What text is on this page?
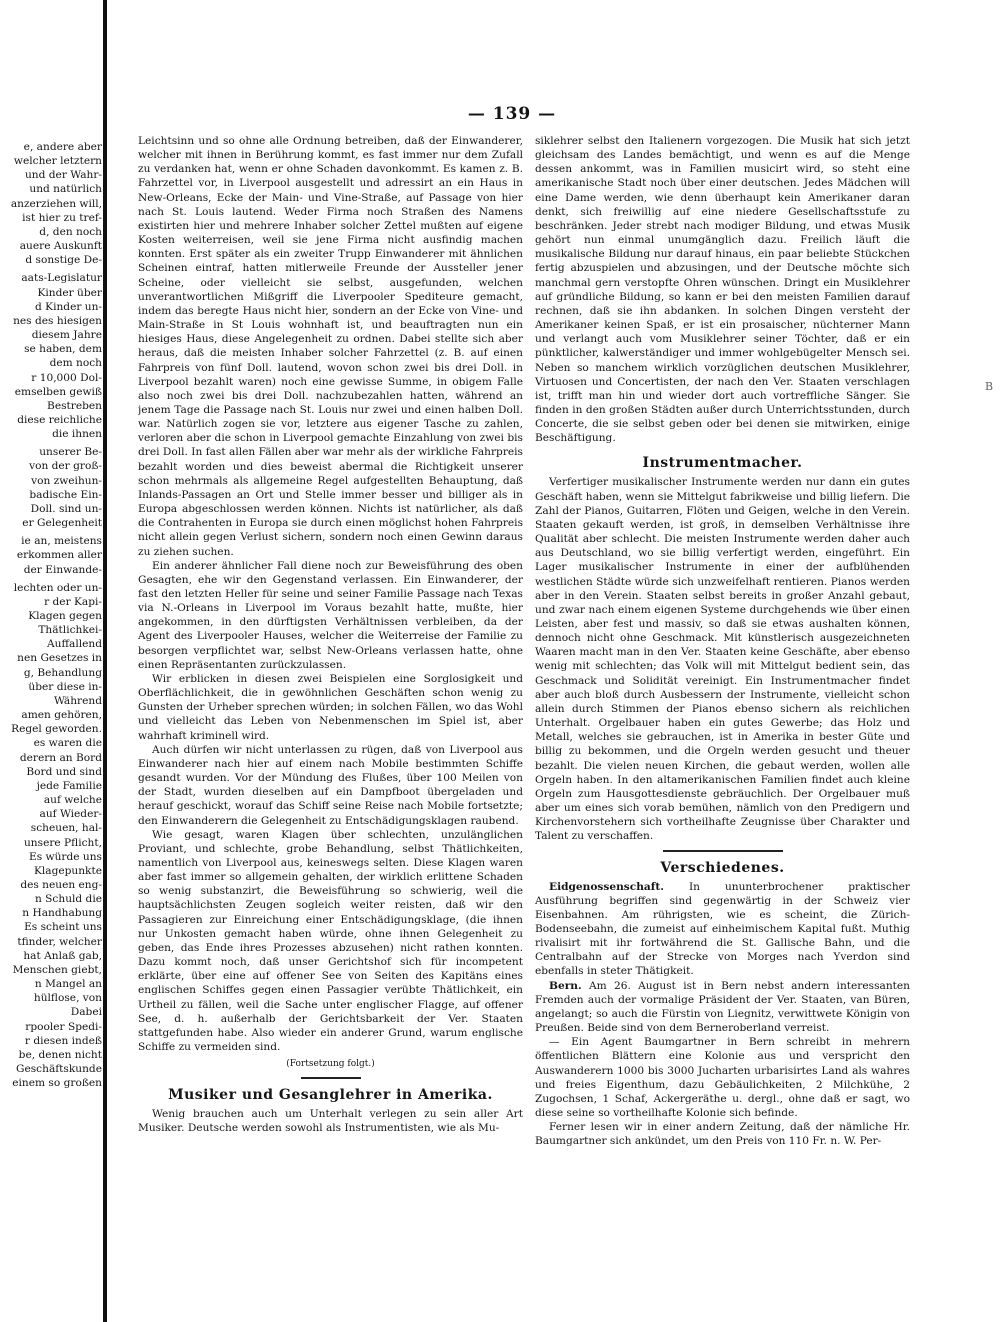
B
— 139 —

e, andere aber

welcher letztern

und der Wahr-

und natürlich

anzerziehen will,

ist hier zu tref-

d, den noch

auere Auskunft

d sonstige De-

aats-Legislatur

Kinder über

d Kinder un-

nes des hiesigen

diesem Jahre

se haben, dem

dem noch

r 10,000 Dol-

emselben gewiß

Bestreben

diese reichliche

die ihnen

unserer Be-

von der groß-

von zweihun-

badische Ein-

Doll. sind un-

er Gelegenheit

ie an, meistens

erkommen aller

der Einwande-

lechten oder un-

r der Kapi-

Klagen gegen

Thätlichkei-

Auffallend

nen Gesetzes in

g, Behandlung

über diese in-

Während

amen gehören,

Regel geworden.

es waren die

derern an Bord

Bord und sind

jede Familie

auf welche

auf Wieder-

scheuen, hal-

unsere Pflicht,

Es würde uns

Klagepunkte

des neuen eng-

n Schuld die

n Handhabung

Es scheint uns

tfinder, welcher

hat Anlaß gab,

Menschen giebt,

n Mangel an

hülflose, von

Dabei

rpooler Spedi-

r diesen indeß

be, denen nicht

Geschäftskunde

einem so großen

Leichtsinn und so ohne alle Ordnung betreiben, daß der Einwanderer, welcher mit ihnen in Berührung kommt, es fast immer nur dem Zufall zu verdanken hat, wenn er ohne Schaden davonkommt. Es kamen z. B. Fahrzettel vor, in Liverpool ausgestellt und adressirt an ein Haus in New-Orleans, Ecke der Main- und Vine-Straße, auf Passage von hier nach St. Louis lautend. Weder Firma noch Straßen des Namens existirten hier und mehrere Inhaber solcher Zettel mußten auf eigene Kosten weiterreisen, weil sie jene Firma nicht ausfindig machen konnten. Erst später als ein zweiter Trupp Einwanderer mit ähnlichen Scheinen eintraf, hatten mitlerweile Freunde der Aussteller jener Scheine, oder vielleicht sie selbst, ausgefunden, welchen unverantwortlichen Mißgriff die Liverpooler Spediteure gemacht, indem das beregte Haus nicht hier, sondern an der Ecke von Vine- und Main-Straße in St Louis wohnhaft ist, und beauftragten nun ein hiesiges Haus, diese Angelegenheit zu ordnen. Dabei stellte sich aber heraus, daß die meisten Inhaber solcher Fahrzettel (z. B. auf einen Fahrpreis von fünf Doll. lautend, wovon schon zwei bis drei Doll. in Liverpool bezahlt waren) noch eine gewisse Summe, in obigem Falle also noch zwei bis drei Doll. nachzubezahlen hatten, während an jenem Tage die Passage nach St. Louis nur zwei und einen halben Doll. war. Natürlich zogen sie vor, letztere aus eigener Tasche zu zahlen, verloren aber die schon in Liverpool gemachte Einzahlung von zwei bis drei Doll. In fast allen Fällen aber war mehr als der wirkliche Fahrpreis bezahlt worden und dies beweist abermal die Richtigkeit unserer schon mehrmals als allgemeine Regel aufgestellten Behauptung, daß Inlands-Passagen an Ort und Stelle immer besser und billiger als in Europa abgeschlossen werden können. Nichts ist natürlicher, als daß die Contrahenten in Europa sie durch einen möglichst hohen Fahrpreis nicht allein gegen Verlust sichern, sondern noch einen Gewinn daraus zu ziehen suchen.

Ein anderer ähnlicher Fall diene noch zur Beweisführung des oben Gesagten, ehe wir den Gegenstand verlassen. Ein Einwanderer, der fast den letzten Heller für seine und seiner Familie Passage nach Texas via N.-Orleans in Liverpool im Voraus bezahlt hatte, mußte, hier angekommen, in den dürftigsten Verhältnissen verbleiben, da der Agent des Liverpooler Hauses, welcher die Weiterreise der Familie zu besorgen verpflichtet war, selbst New-Orleans verlassen hatte, ohne einen Repräsentanten zurückzulassen.

Wir erblicken in diesen zwei Beispielen eine Sorglosigkeit und Oberflächlichkeit, die in gewöhnlichen Geschäften schon wenig zu Gunsten der Urheber sprechen würden; in solchen Fällen, wo das Wohl und vielleicht das Leben von Nebenmenschen im Spiel ist, aber wahrhaft kriminell wird.

Auch dürfen wir nicht unterlassen zu rügen, daß von Liverpool aus Einwanderer nach hier auf einem nach Mobile bestimmten Schiffe gesandt wurden. Vor der Mündung des Flußes, über 100 Meilen von der Stadt, wurden dieselben auf ein Dampfboot übergeladen und herauf geschickt, worauf das Schiff seine Reise nach Mobile fortsetzte; den Einwanderern die Gelegenheit zu Entschädigungsklagen raubend.

Wie gesagt, waren Klagen über schlechten, unzulänglichen Proviant, und schlechte, grobe Behandlung, selbst Thätlichkeiten, namentlich von Liverpool aus, keineswegs selten. Diese Klagen waren aber fast immer so allgemein gehalten, der wirklich erlittene Schaden so wenig substanzirt, die Beweisführung so schwierig, weil die hauptsächlichsten Zeugen sogleich weiter reisten, daß wir den Passagieren zur Einreichung einer Entschädigungsklage, (die ihnen nur Unkosten gemacht haben würde, ohne ihnen Gelegenheit zu geben, das Ende ihres Prozesses abzusehen) nicht rathen konnten. Dazu kommt noch, daß unser Gerichtshof sich für incompetent erklärte, über eine auf offener See von Seiten des Kapitäns eines englischen Schiffes gegen einen Passagier verübte Thätlichkeit, ein Urtheil zu fällen, weil die Sache unter englischer Flagge, auf offener See, d. h. außerhalb der Gerichtsbarkeit der Ver. Staaten stattgefunden habe. Also wieder ein anderer Grund, warum englische Schiffe zu vermeiden sind.

(Fortsetzung folgt.)

Musiker und Gesanglehrer in Amerika.

Wenig brauchen auch um Unterhalt verlegen zu sein aller Art Musiker. Deutsche werden sowohl als Instrumentisten, wie als Mu-

siklehrer selbst den Italienern vorgezogen. Die Musik hat sich jetzt gleichsam des Landes bemächtigt, und wenn es auf die Menge dessen ankommt, was in Familien musicirt wird, so steht eine amerikanische Stadt noch über einer deutschen. Jedes Mädchen will eine Dame werden, wie denn überhaupt kein Amerikaner daran denkt, sich freiwillig auf eine niedere Gesellschaftsstufe zu beschränken. Jeder strebt nach modiger Bildung, und etwas Musik gehört nun einmal unumgänglich dazu. Freilich läuft die musikalische Bildung nur darauf hinaus, ein paar beliebte Stückchen fertig abzuspielen und abzusingen, und der Deutsche möchte sich manchmal gern verstopfte Ohren wünschen. Dringt ein Musiklehrer auf gründliche Bildung, so kann er bei den meisten Familien darauf rechnen, daß sie ihn abdanken. In solchen Dingen versteht der Amerikaner keinen Spaß, er ist ein prosaischer, nüchterner Mann und verlangt auch vom Musiklehrer seiner Töchter, daß er ein pünktlicher, kalwerständiger und immer wohlgebügelter Mensch sei. Neben so manchem wirklich vorzüglichen deutschen Musiklehrer, Virtuosen und Concertisten, der nach den Ver. Staaten verschlagen ist, trifft man hin und wieder dort auch vortreffliche Sänger. Sie finden in den großen Städten außer durch Unterrichtsstunden, durch Concerte, die sie selbst geben oder bei denen sie mitwirken, einige Beschäftigung.

Instrumentmacher.

Verfertiger musikalischer Instrumente werden nur dann ein gutes Geschäft haben, wenn sie Mittelgut fabrikweise und billig liefern. Die Zahl der Pianos, Guitarren, Flöten und Geigen, welche in den Verein. Staaten gekauft werden, ist groß, in demselben Verhältnisse ihre Qualität aber schlecht. Die meisten Instrumente werden daher auch aus Deutschland, wo sie billig verfertigt werden, eingeführt. Ein Lager musikalischer Instrumente in einer der aufblühenden westlichen Städte würde sich unzweifelhaft rentieren. Pianos werden aber in den Verein. Staaten selbst bereits in großer Anzahl gebaut, und zwar nach einem eigenen Systeme durchgehends wie über einen Leisten, aber fest und massiv, so daß sie etwas aushalten können, dennoch nicht ohne Geschmack. Mit künstlerisch ausgezeichneten Waaren macht man in den Ver. Staaten keine Geschäfte, aber ebenso wenig mit schlechten; das Volk will mit Mittelgut bedient sein, das Geschmack und Solidität vereinigt. Ein Instrumentmacher findet aber auch bloß durch Ausbessern der Instrumente, vielleicht schon allein durch Stimmen der Pianos ebenso sichern als reichlichen Unterhalt. Orgelbauer haben ein gutes Gewerbe; das Holz und Metall, welches sie gebrauchen, ist in Amerika in bester Güte und billig zu bekommen, und die Orgeln werden gesucht und theuer bezahlt. Die vielen neuen Kirchen, die gebaut werden, wollen alle Orgeln haben. In den altamerikanischen Familien findet auch kleine Orgeln zum Hausgottesdienste gebräuchlich. Der Orgelbauer muß aber um eines sich vorab bemühen, nämlich von den Predigern und Kirchenvorstehern sich vortheilhafte Zeugnisse über Charakter und Talent zu verschaffen.

Verschiedenes.

Eidgenossenschaft. In ununterbrochener praktischer Ausführung begriffen sind gegenwärtig in der Schweiz vier Eisenbahnen. Am rührigsten, wie es scheint, die Zürich-Bodenseebahn, die zumeist auf einheimischem Kapital fußt. Muthig rivalisirt mit ihr fortwährend die St. Gallische Bahn, und die Centralbahn auf der Strecke von Morges nach Yverdon sind ebenfalls in steter Thätigkeit.

Bern. Am 26. August ist in Bern nebst andern interessanten Fremden auch der vormalige Präsident der Ver. Staaten, van Büren, angelangt; so auch die Fürstin von Liegnitz, verwittwete Königin von Preußen. Beide sind von dem Berneroberland verreist.

— Ein Agent Baumgartner in Bern schreibt in mehrern öffentlichen Blättern eine Kolonie aus und verspricht den Auswanderern 1000 bis 3000 Jucharten urbarisirtes Land als wahres und freies Eigenthum, dazu Gebäulichkeiten, 2 Milchkühe, 2 Zugochsen, 1 Schaf, Ackergeräthe u. dergl., ohne daß er sagt, wo diese seine so vortheilhafte Kolonie sich befinde.

Ferner lesen wir in einer andern Zeitung, daß der nämliche Hr. Baumgartner sich ankündet, um den Preis von 110 Fr. n. W. Per-
